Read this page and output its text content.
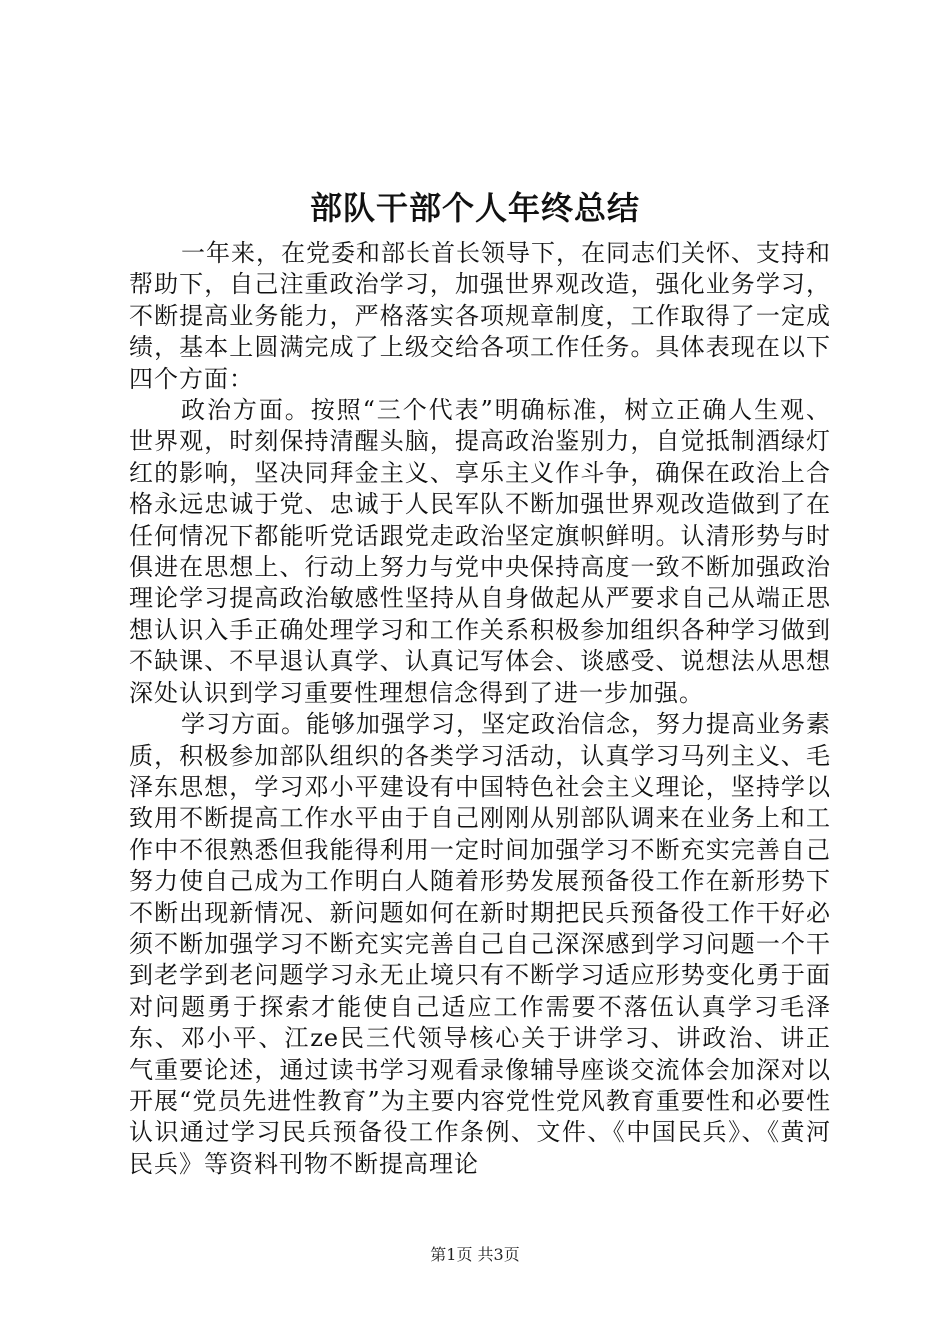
部队干部个人年终总结

一年来，在党委和部长首长领导下，在同志们关怀、支持和帮助下，自己注重政治学习，加强世界观改造，强化业务学习，不断提高业务能力，严格落实各项规章制度，工作取得了一定成绩，基本上圆满完成了上级交给各项工作任务。具体表现在以下四个方面：

政治方面。按照“三个代表”明确标准，树立正确人生观、世界观，时刻保持清醒头脑，提高政治鉴别力，自觉抵制酒绿灯红的影响，坚决同拜金主义、享乐主义作斗争，确保在政治上合格永远忠诚于党、忠诚于人民军队不断加强世界观改造做到了在任何情况下都能听党话跟党走政治坚定旗帜鲜明。认清形势与时俱进在思想上、行动上努力与党中央保持高度一致不断加强政治理论学习提高政治敏感性坚持从自身做起从严要求自己从端正思想认识入手正确处理学习和工作关系积极参加组织各种学习做到不缺课、不早退认真学、认真记写体会、谈感受、说想法从思想深处认识到学习重要性理想信念得到了进一步加强。

学习方面。能够加强学习，坚定政治信念，努力提高业务素质，积极参加部队组织的各类学习活动，认真学习马列主义、毛泽东思想，学习邓小平建设有中国特色社会主义理论，坚持学以致用不断提高工作水平由于自己刚刚从别部队调来在业务上和工作中不很熟悉但我能得利用一定时间加强学习不断充实完善自己努力使自己成为工作明白人随着形势发展预备役工作在新形势下不断出现新情况、新问题如何在新时期把民兵预备役工作干好必须不断加强学习不断充实完善自己自己深深感到学习问题一个干到老学到老问题学习永无止境只有不断学习适应形势变化勇于面对问题勇于探索才能使自己适应工作需要不落伍认真学习毛泽东、邓小平、江ze民三代领导核心关于讲学习、讲政治、讲正气重要论述，通过读书学习观看录像辅导座谈交流体会加深对以开展“党员先进性教育”为主要内容党性党风教育重要性和必要性认识通过学习民兵预备役工作条例、文件、《中国民兵》、《黄河民兵》等资料刊物不断提高理论

第1页 共3页
